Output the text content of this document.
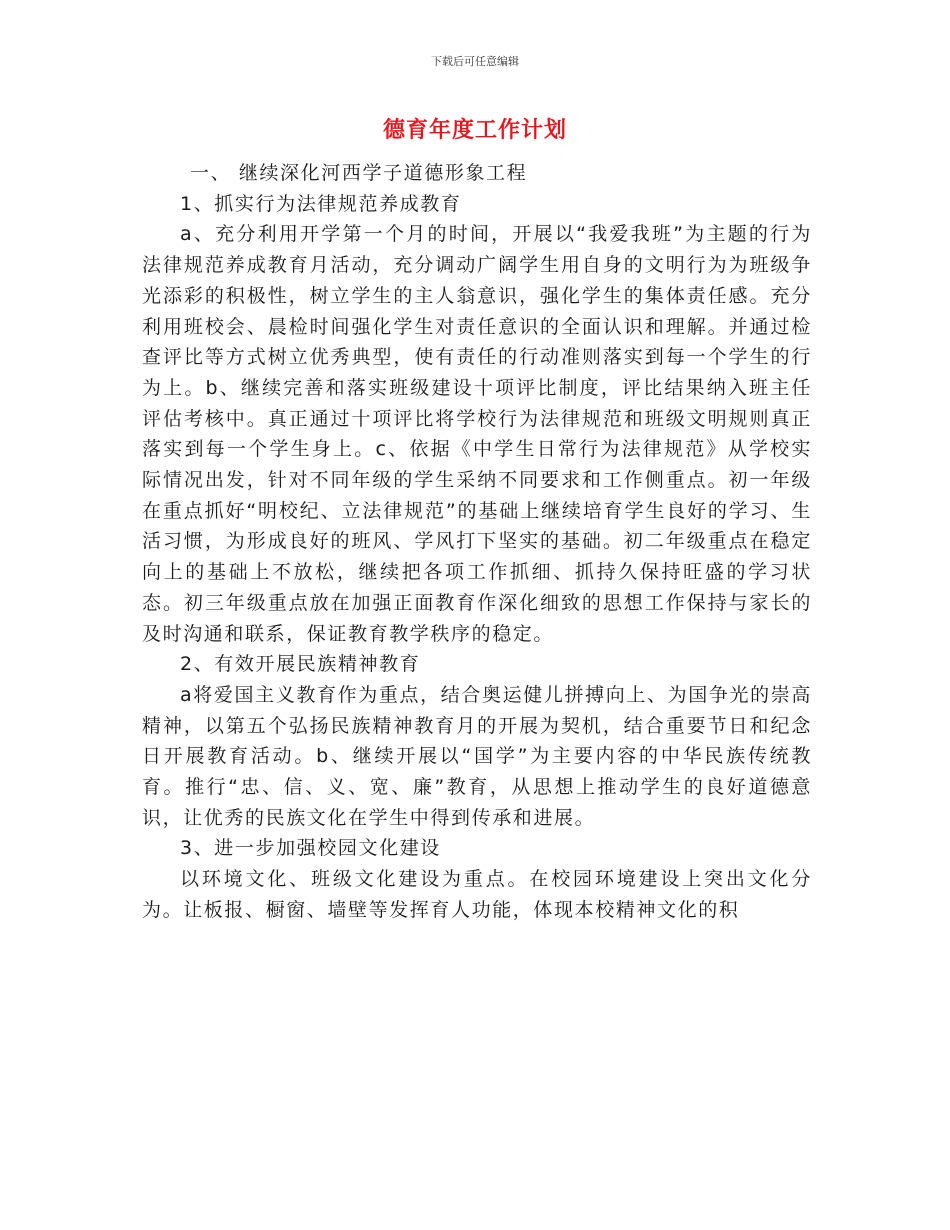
下载后可任意编辑
德育年度工作计划

一、 继续深化河西学子道德形象工程

1、抓实行为法律规范养成教育

a、充分利用开学第一个月的时间，开展以“我爱我班”为主题的行为法律规范养成教育月活动，充分调动广阔学生用自身的文明行为为班级争光添彩的积极性，树立学生的主人翁意识，强化学生的集体责任感。充分利用班校会、晨检时间强化学生对责任意识的全面认识和理解。并通过检查评比等方式树立优秀典型，使有责任的行动准则落实到每一个学生的行为上。b、继续完善和落实班级建设十项评比制度，评比结果纳入班主任评估考核中。真正通过十项评比将学校行为法律规范和班级文明规则真正落实到每一个学生身上。c、依据《中学生日常行为法律规范》从学校实际情况出发，针对不同年级的学生采纳不同要求和工作侧重点。初一年级在重点抓好“明校纪、立法律规范”的基础上继续培育学生良好的学习、生活习惯，为形成良好的班风、学风打下坚实的基础。初二年级重点在稳定向上的基础上不放松，继续把各项工作抓细、抓持久保持旺盛的学习状态。初三年级重点放在加强正面教育作深化细致的思想工作保持与家长的及时沟通和联系，保证教育教学秩序的稳定。

2、有效开展民族精神教育

a将爱国主义教育作为重点，结合奥运健儿拼搏向上、为国争光的崇高精神，以第五个弘扬民族精神教育月的开展为契机，结合重要节日和纪念日开展教育活动。b、继续开展以“国学”为主要内容的中华民族传统教育。推行“忠、信、义、宽、廉”教育，从思想上推动学生的良好道德意识，让优秀的民族文化在学生中得到传承和进展。

3、进一步加强校园文化建设

以环境文化、班级文化建设为重点。在校园环境建设上突出文化分为。让板报、橱窗、墙壁等发挥育人功能，体现本校精神文化的积
